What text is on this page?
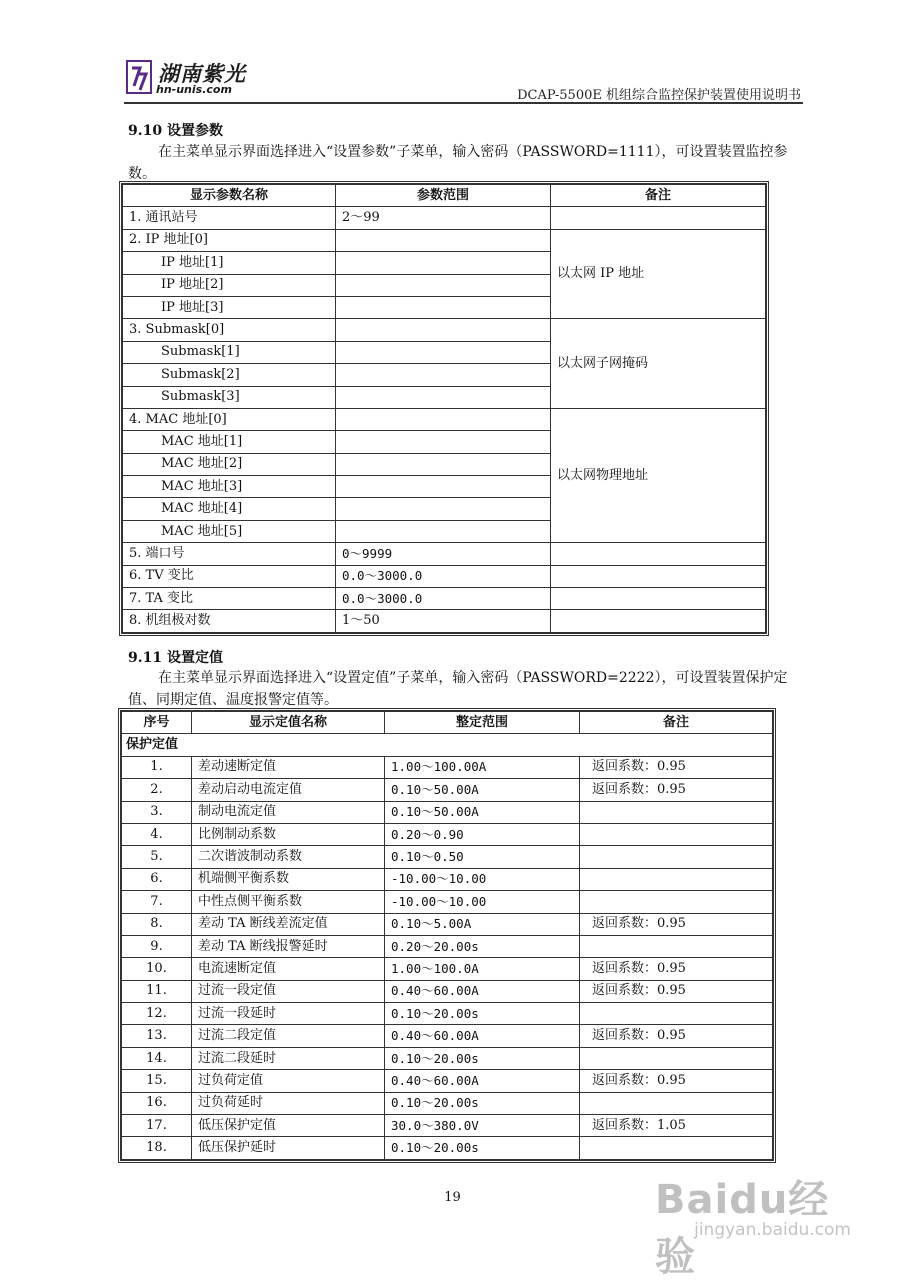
湖南紫光
hn-unis.com	DCAP-5500E 机组综合监控保护装置使用说明书
9.10 设置参数
在主菜单显示界面选择进入“设置参数”子菜单，输入密码（PASSWORD=1111），可设置装置监控参数。
显示参数名称	参数范围	备注
1. 通讯站号	2～99	
2. IP 地址[0]		以太网 IP 地址
IP 地址[1]		
IP 地址[2]		
IP 地址[3]		
3. Submask[0]		以太网子网掩码
Submask[1]		
Submask[2]		
Submask[3]		
4. MAC 地址[0]		以太网物理地址
MAC 地址[1]		
MAC 地址[2]		
MAC 地址[3]		
MAC 地址[4]		
MAC 地址[5]		
5. 端口号	0～9999	
6. TV 变比	0.0～3000.0	
7. TA 变比	0.0～3000.0	
8. 机组极对数	1～50	
9.11 设置定值
在主菜单显示界面选择进入“设置定值”子菜单，输入密码（PASSWORD=2222），可设置装置保护定值、同期定值、温度报警定值等。
序号	显示定值名称	整定范围	备注
保护定值			
1.	差动速断定值	1.00～100.00A	返回系数：0.95
2.	差动启动电流定值	0.10～50.00A	返回系数：0.95
3.	制动电流定值	0.10～50.00A	
4.	比例制动系数	0.20～0.90	
5.	二次谐波制动系数	0.10～0.50	
6.	机端侧平衡系数	-10.00～10.00	
7.	中性点侧平衡系数	-10.00～10.00	
8.	差动 TA 断线差流定值	0.10～5.00A	返回系数：0.95
9.	差动 TA 断线报警延时	0.20～20.00s	
10.	电流速断定值	1.00～100.0A	返回系数：0.95
11.	过流一段定值	0.40～60.00A	返回系数：0.95
12.	过流一段延时	0.10～20.00s	
13.	过流二段定值	0.40～60.00A	返回系数：0.95
14.	过流二段延时	0.10～20.00s	
15.	过负荷定值	0.40～60.00A	返回系数：0.95
16.	过负荷延时	0.10～20.00s	
17.	低压保护定值	30.0～380.0V	返回系数：1.05
18.	低压保护延时	0.10～20.00s	
19	Baidu经验
jingyan.baidu.com
